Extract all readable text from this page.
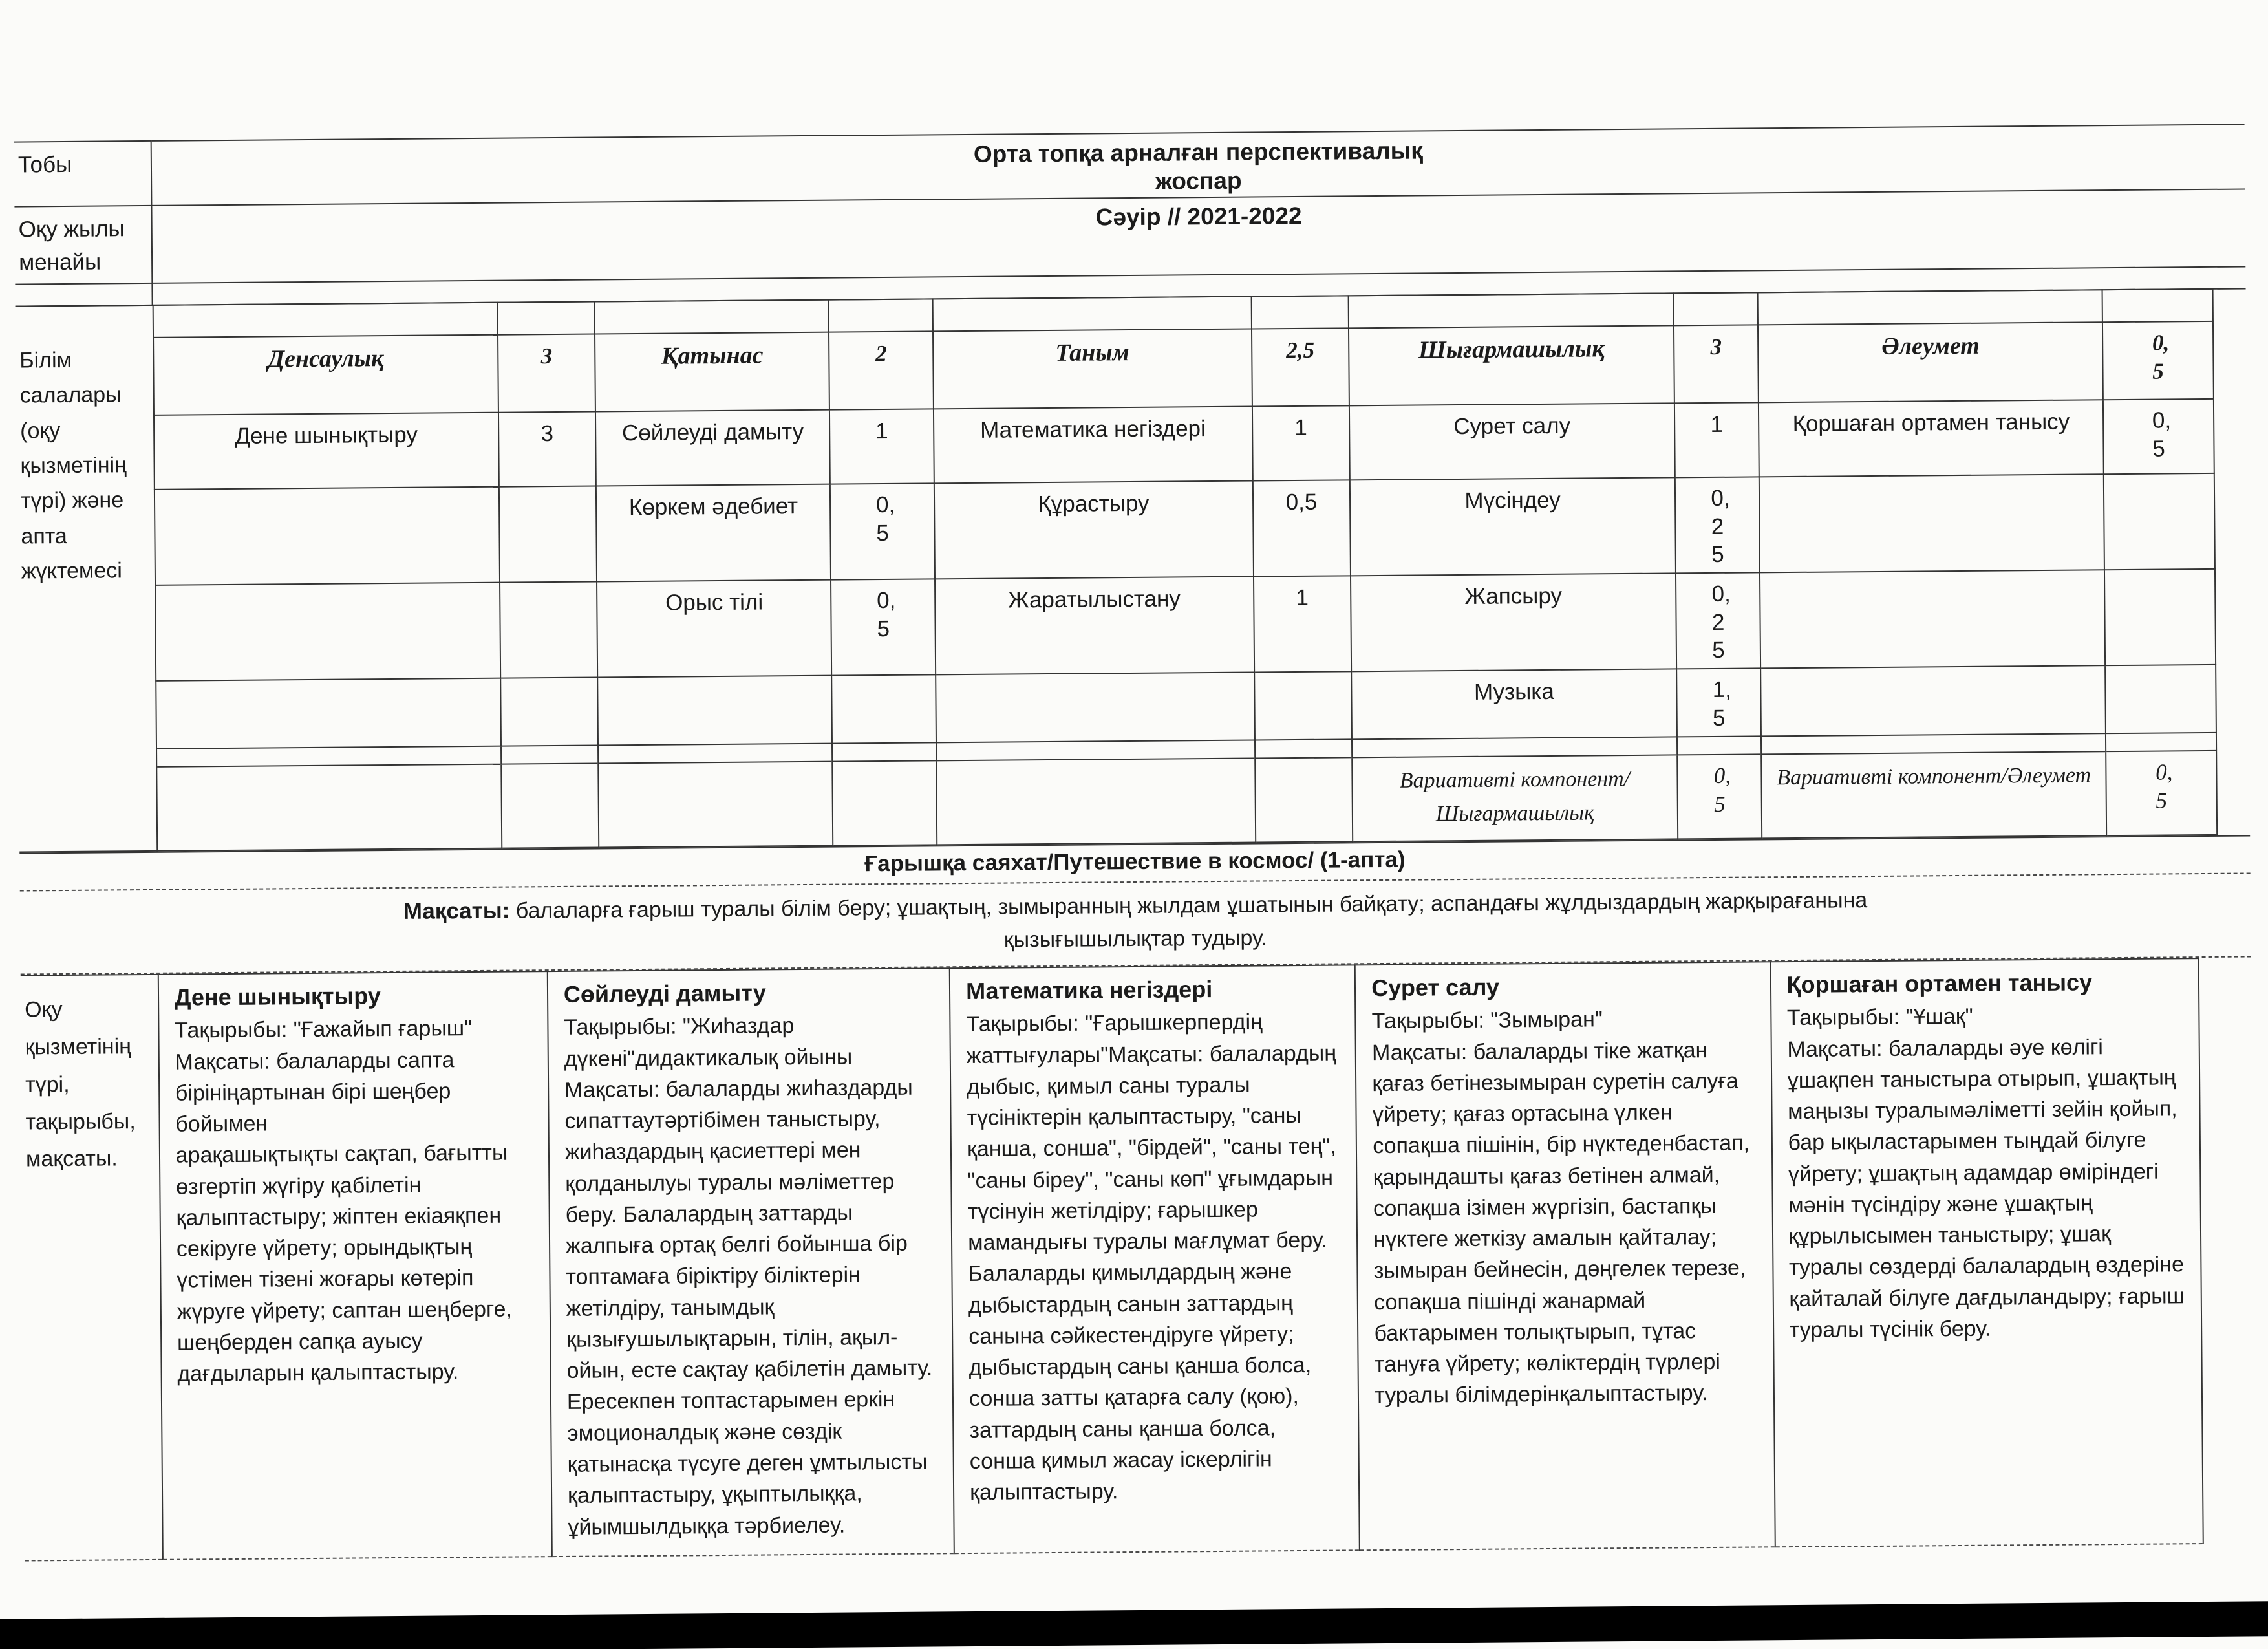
Тобы	Орта топқа арналған перспективалық жоспар

Оқу жылы менайы	Сәуір // 2021-2022

Білім салалары (оқу қызметінің түрі) және апта жүктемесі										
	Денсаулық	3	Қатынас	2	Таным	2,5	Шығармашылық	3	Әлеумет	0,5
	Дене шынықтыру	3	Сөйлеуді дамыту	1	Математика негіздері	1	Сурет салу	1	Қоршаған ортамен танысу	0,5
			Көркем әдебиет	0,5	Құрастыру	0,5	Мүсіндеу	0,25		
			Орыс тілі	0,5	Жаратылыстану	1	Жапсыру	0,25		
							Музыка	1,5		

							Вариативті компонент/Шығармашылық	0,5	Вариативті компонент/Әлеумет	0,5
Ғарышқа саяхат/Путешествие в космос/ (1-апта)
Мақсаты: балаларға ғарыш туралы білім беру; ұшақтың, зымыранның жылдам ұшатынын байқату; аспандағы жұлдыздардың жарқырағанына қызығышылықтар тудыру.
Оқу қызметінің түрі, тақырыбы, мақсаты.	
Дене шынықтыру
Тақырыбы: "Ғажайып ғарыш"
Мақсаты: балаларды сапта бірініңартынан бірі шеңбер бойымен
арақашықтықты сақтап, бағытты өзгертіп жүгіру қабілетін қалыптастыру; жіптен екіаяқпен секіруге үйрету; орындықтың үстімен тізені жоғары көтеріп жүруге үйрету; саптан шеңберге, шеңберден сапқа ауысу дағдыларын қалыптастыру.

Сөйлеуді дамыту
Тақырыбы: "Жиһаздар дүкені"дидактикалық ойыны
Мақсаты: балаларды жиһаздарды сипаттаутәртібімен таныстыру, жиһаздардың қасиеттері мен қолданылуы туралы мәліметтер беру. Балалардың заттарды жалпыға ортақ белгі бойынша бір топтамаға біріктіру біліктерін жетілдіру, танымдық қызығушылықтарын, тілін, ақыл- ойын, есте сақтау қабілетін дамыту. Ересекпен топтастарымен еркін эмоционалдық және сөздік қатынасқа түсуге деген ұмтылысты қалыптастыру, ұқыптылыққа, ұйымшылдыққа тәрбиелеу.

Математика негіздері
Тақырыбы: "Ғарышкерпердің жаттығулары"Мақсаты: балалардың дыбыс, қимыл саны туралы түсініктерін қалыптастыру, "саны қанша, сонша", "бірдей", "саны тең", "саны біреу", "саны көп" ұғымдарын түсінуін жетілдіру; ғарышкер мамандығы туралы мағлұмат беру. Балаларды қимылдардың және дыбыстардың санын заттардың санына сәйкестендіруге үйрету; дыбыстардың саны қанша болса, сонша затты қатарға салу (қою), заттардың саны қанша болса, сонша қимыл жасау іскерлігін қалыптастыру.

Сурет салу
Тақырыбы: "Зымыран"
Мақсаты: балаларды тіке жатқан қағаз бетінезымыран суретін салуға үйрету; қағаз ортасына үлкен сопақша пішінін, бір нүктеденбастап, қарындашты қағаз бетінен алмай, сопақша ізімен жүргізіп, бастапқы нүктеге жеткізу амалын қайталау; зымыран бейнесін, дөңгелек терезе, сопақша пішінді жанармай бактарымен толықтырып, тұтас тануға үйрету; көліктердің түрлері туралы білімдерінқалыптастыру.

Қоршаған ортамен танысу
Тақырыбы: "Ұшақ"
Мақсаты: балаларды әуе көлігі ұшақпен таныстыра отырып, ұшақтың маңызы туралымәліметті зейін қойып, бар ықыластарымен тыңдай білуге үйрету; ұшақтың адамдар өміріндегі мәнін түсіндіру және ұшақтың құрылысымен таныстыру; ұшақ туралы сөздерді балалардың өздеріне қайталай білуге дағдыландыру; ғарыш туралы түсінік беру.
